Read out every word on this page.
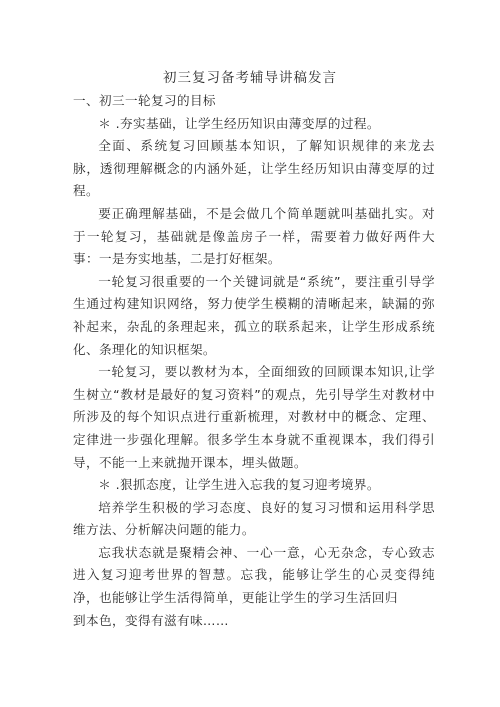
初三复习备考辅导讲稿发言

一、初三一轮复习的目标

＊ .夯实基础，让学生经历知识由薄变厚的过程。

全面、系统复习回顾基本知识，了解知识规律的来龙去脉，透彻理解概念的内涵外延，让学生经历知识由薄变厚的过程。

要正确理解基础，不是会做几个简单题就叫基础扎实。对于一轮复习，基础就是像盖房子一样，需要着力做好两件大事：一是夯实地基，二是打好框架。

一轮复习很重要的一个关键词就是“系统”，要注重引导学生通过构建知识网络，努力使学生模糊的清晰起来，缺漏的弥补起来，杂乱的条理起来，孤立的联系起来，让学生形成系统化、条理化的知识框架。

一轮复习，要以教材为本，全面细致的回顾课本知识,让学生树立“教材是最好的复习资料”的观点，先引导学生对教材中所涉及的每个知识点进行重新梳理，对教材中的概念、定理、定律进一步强化理解。很多学生本身就不重视课本，我们得引导，不能一上来就抛开课本，埋头做题。

＊ .狠抓态度，让学生进入忘我的复习迎考境界。

培养学生积极的学习态度、良好的复习习惯和运用科学思维方法、分析解决问题的能力。

忘我状态就是聚精会神、一心一意，心无杂念，专心致志进入复习迎考世界的智慧。忘我，能够让学生的心灵变得纯净，也能够让学生活得简单，更能让学生的学习生活回归

到本色，变得有滋有味……
